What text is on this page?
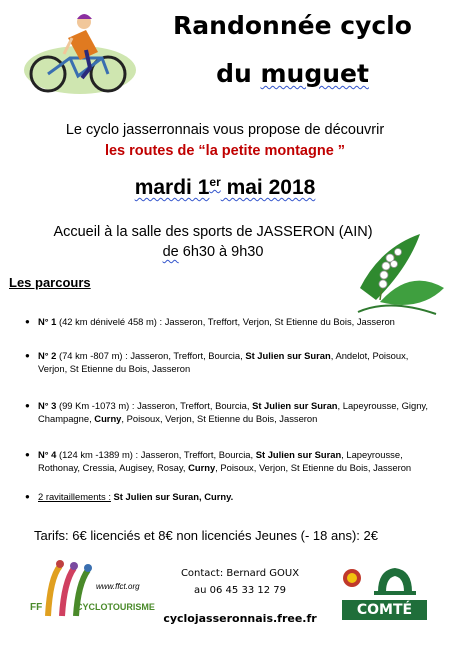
Randonnée cyclo
du muguet
Le cyclo jasserronnais vous propose de découvrir
les routes de “la petite montagne ”
mardi 1er mai 2018
Accueil à la salle des sports de JASSERON (AIN)
de 6h30 à 9h30
Les parcours
● N° 1 (42 km dénivelé 458 m) : Jasseron, Treffort, Verjon, St Etienne du Bois, Jasseron
● N° 2 (74 km -807 m) : Jasseron, Treffort, Bourcia, St Julien sur Suran, Andelot, Poisoux, Verjon, St Etienne du Bois, Jasseron
● N° 3 (99 Km -1073 m) : Jasseron, Treffort, Bourcia, St Julien sur Suran, Lapeyrousse, Gigny, Champagne, Curny, Poisoux, Verjon, St Etienne du Bois, Jasseron
● N° 4 (124 km -1389 m) : Jasseron, Treffort, Bourcia, St Julien sur Suran, Lapeyrousse, Rothonay, Cressia, Augisey, Rosay, Curny, Poisoux, Verjon, St Etienne du Bois, Jasseron
● 2 ravitaillements : St Julien sur Suran, Curny.
Tarifs: 6€ licenciés et 8€ non licenciés Jeunes (- 18 ans): 2€
www.ffct.org
FF	CYCLOTOURISME
Contact: Bernard GOUX
au 06 45 33 12 79
cyclojasseronnais.free.fr
COMTÉ
